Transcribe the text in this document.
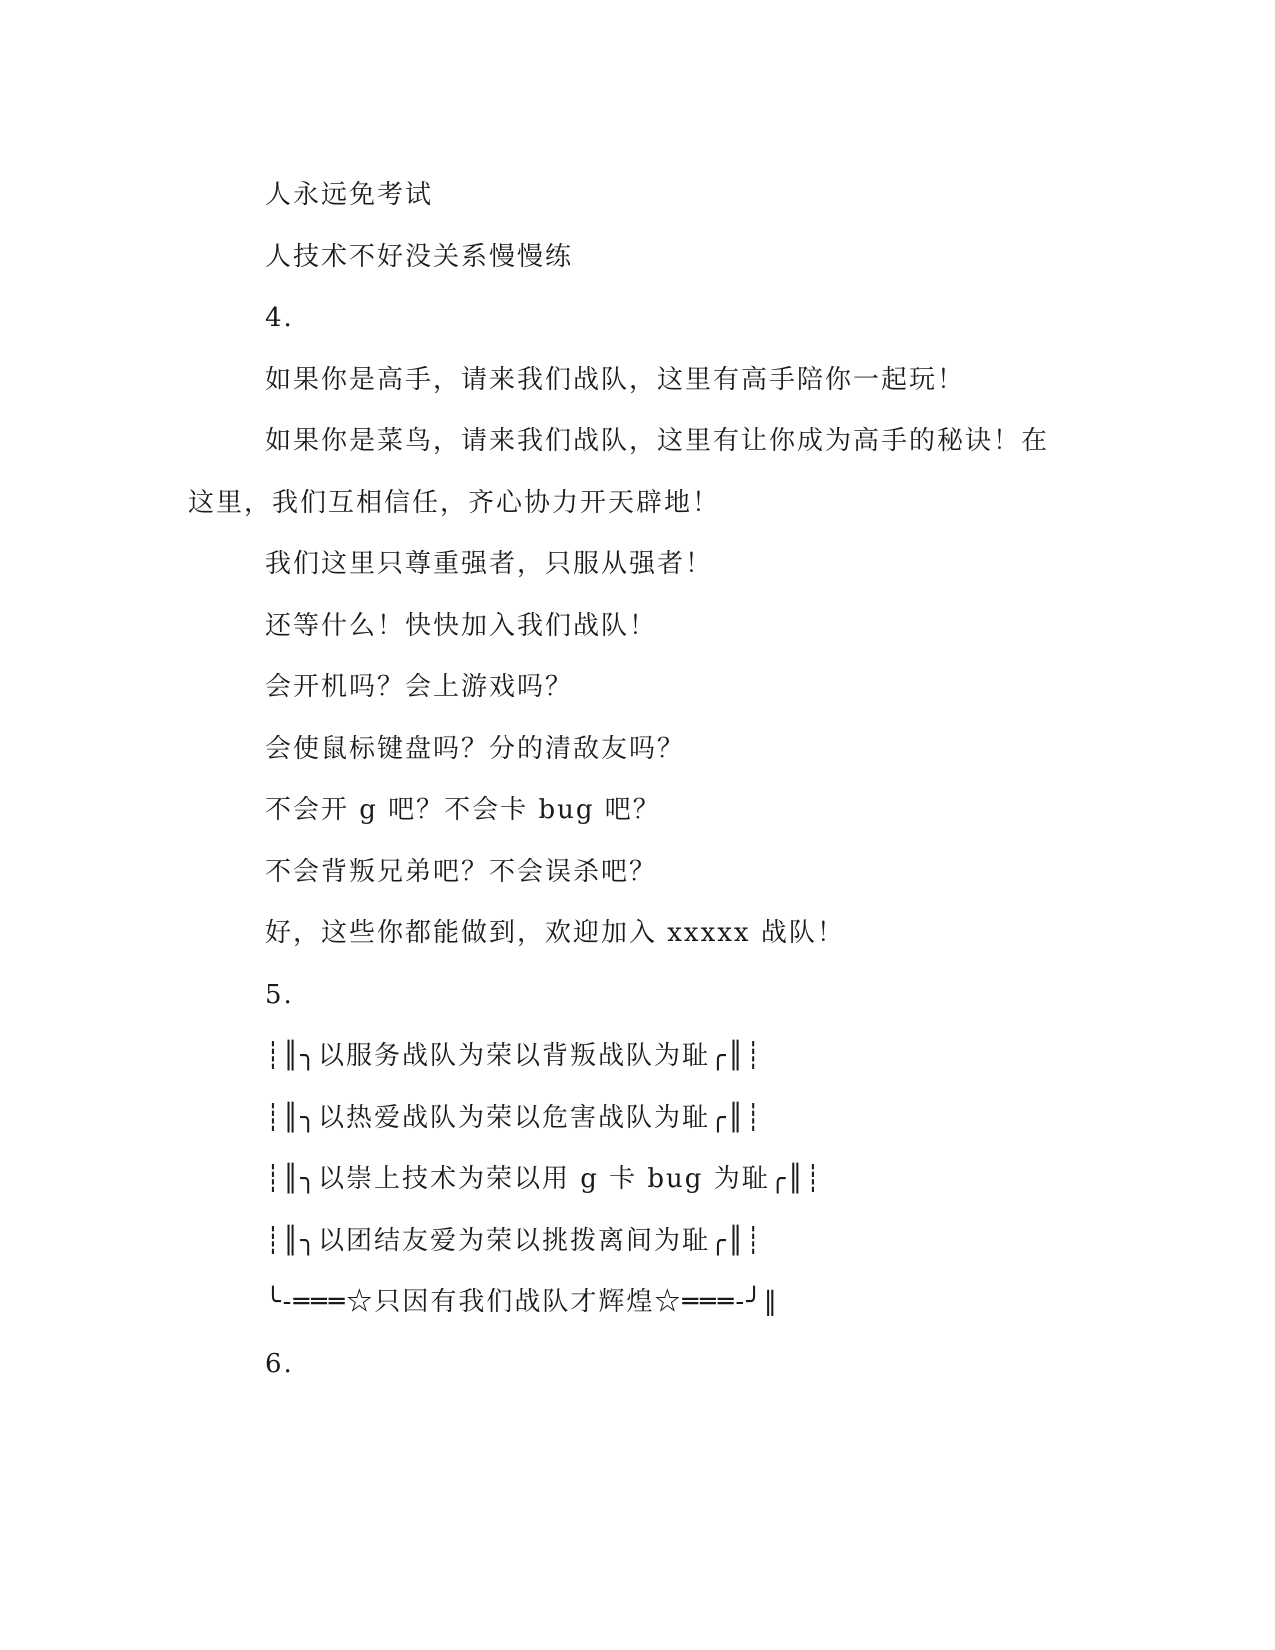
人永远免考试

人技术不好没关系慢慢练

4.

如果你是高手，请来我们战队，这里有高手陪你一起玩！

如果你是菜鸟，请来我们战队，这里有让你成为高手的秘诀！在

这里，我们互相信任，齐心协力开天辟地！

我们这里只尊重强者，只服从强者！

还等什么！快快加入我们战队！

会开机吗？会上游戏吗？

会使鼠标键盘吗？分的清敌友吗？

不会开 g 吧？不会卡 bug 吧？

不会背叛兄弟吧？不会误杀吧？

好，这些你都能做到，欢迎加入 xxxxx 战队！

5.

┊║╮以服务战队为荣以背叛战队为耻╭║┊

┊║╮以热爱战队为荣以危害战队为耻╭║┊

┊║╮以崇上技术为荣以用 g 卡 bug 为耻╭║┊

┊║╮以团结友爱为荣以挑拨离间为耻╭║┊

╰-═══☆只因有我们战队才辉煌☆═══-╯‖

6.
